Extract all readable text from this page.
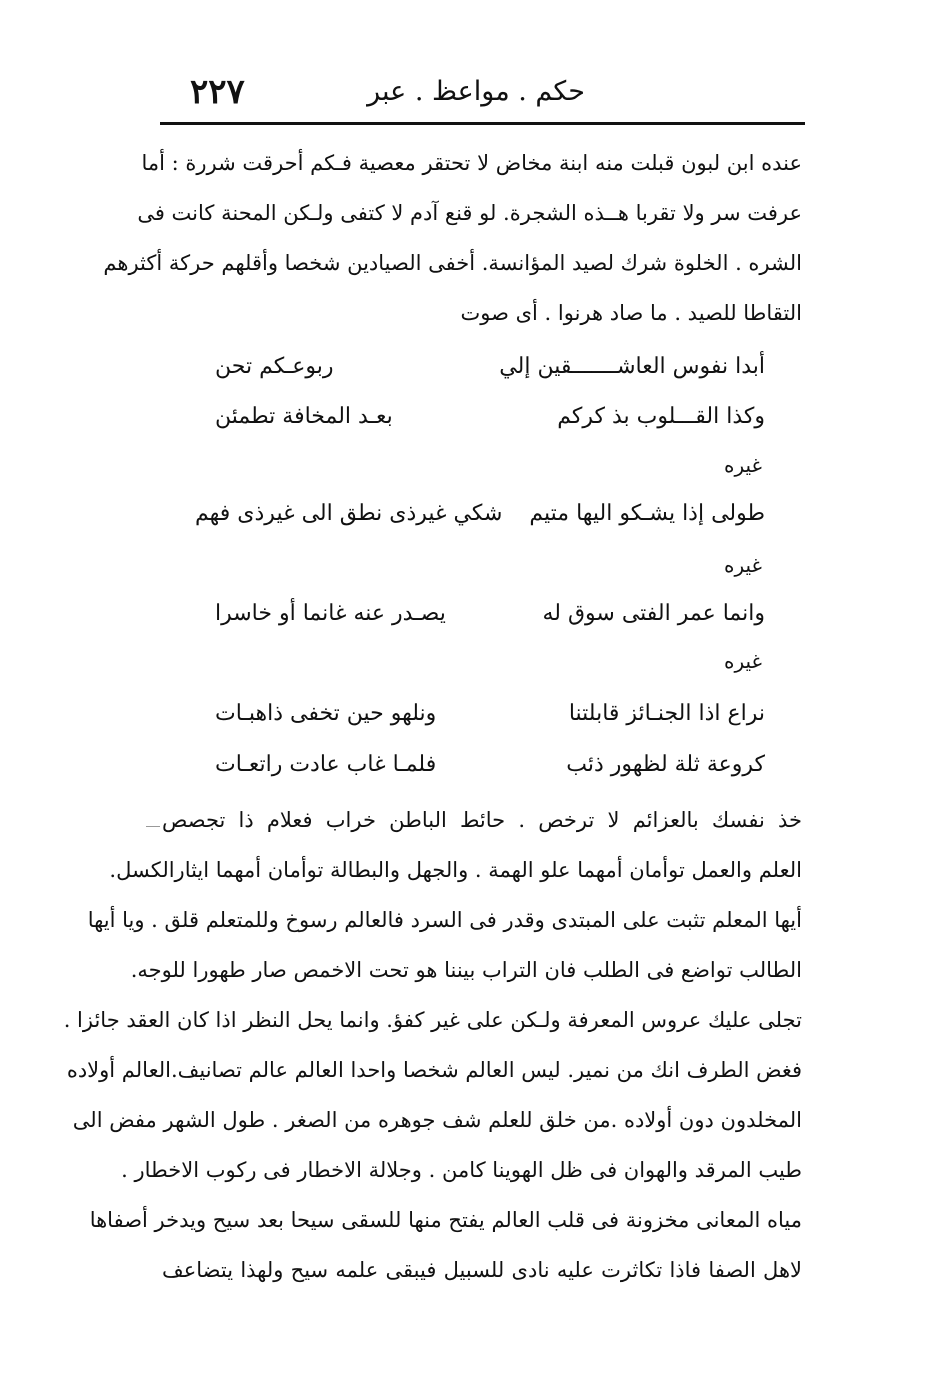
٢٢٧	حكم . مواعظ . عبر
عنده ابن لبون قبلت منه ابنة مخاض لا تحتقر معصية فـكم أحرقت شررة : أما
عرفت سر ولا تقربا هــذه الشجرة. لو قنع آدم لا كتفى ولـكن المحنة كانت فى
الشره . الخلوة شرك لصيد المؤانسة. أخفى الصيادين شخصا وأقلهم حركة أكثرهم
التقاطا للصيد . ما صاد هرنوا . أى صوت
أبدا نفوس العاشـــــــقين إلي
ربوعـكم تحن
وكذا القـــلوب بذ كركم
بعـد المخافة تطمئن
غيره
طولى إذا يشـكو اليها متيم
شكي غيرذى نطق الى غيرذى فهم
غيره
وانما عمر الفتى سوق له
يصـدر عنه غانما أو خاسرا
غيره
نراع اذا الجنـائز قابلتنا
ونلهو حين تخفى ذاهبـات
كروعة ثلة لظهور ذئب
فلمـا غاب عادت راتعـات
خذ نفسك بالعزائم لا ترخص . حائط الباطن خراب فعلام ذا تجصص
العلم والعمل توأمان أمهما علو الهمة . والجهل والبطالة توأمان أمهما ايثارالكسل.
أيها المعلم تثبت على المبتدى وقدر فى السرد فالعالم رسوخ وللمتعلم قلق . ويا أيها
الطالب تواضع فى الطلب فان التراب بيننا هو تحت الاخمص صار طهورا للوجه.
تجلى عليك عروس المعرفة ولـكن على غير كفؤ. وانما يحل النظر اذا كان العقد جائزا .
فغض الطرف انك من نمير. ليس العالم شخصا واحدا العالم عالم تصانيف.العالم أولاده
المخلدون دون أولاده .من خلق للعلم شف جوهره من الصغر . طول الشهر مفض الى
طيب المرقد والهوان فى ظل الهوينا كامن . وجلالة الاخطار فى ركوب الاخطار .
مياه المعانى مخزونة فى قلب العالم يفتح منها للسقى سيحا بعد سيح ويدخر أصفاها
لاهل الصفا فاذا تكاثرت عليه نادى للسبيل فيبقى علمه سيح ولهذا يتضاعف
